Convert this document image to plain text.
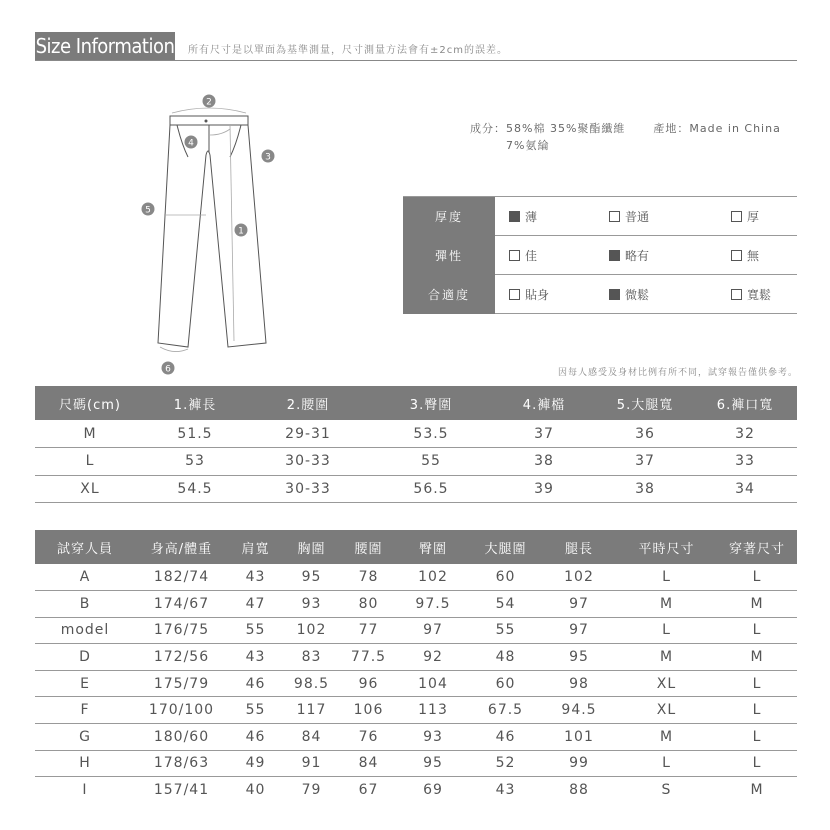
Size Information 所有尺寸是以單面為基準測量，尺寸測量方法會有±2cm的誤差。
2
4
3
5
1
6
成分：58%棉 35%聚酯纖維	產地：Made in China
7%氨綸
厚度	薄	普通	厚
彈性	佳	略有	無
合適度	貼身	微鬆	寬鬆
因每人感受及身材比例有所不同，試穿報告僅供參考。
尺碼(cm)	1.褲長	2.腰圍	3.臀圍	4.褲檔	5.大腿寬	6.褲口寬
M	51.5	29-31	53.5	37	36	32
L	53	30-33	55	38	37	33
XL	54.5	30-33	56.5	39	38	34
試穿人員	身高/體重	肩寬	胸圍	腰圍	臀圍	大腿圍	腿長	平時尺寸	穿著尺寸
A	182/74	43	95	78	102	60	102	L	L
B	174/67	47	93	80	97.5	54	97	M	M
model	176/75	55	102	77	97	55	97	L	L
D	172/56	43	83	77.5	92	48	95	M	M
E	175/79	46	98.5	96	104	60	98	XL	L
F	170/100	55	117	106	113	67.5	94.5	XL	L
G	180/60	46	84	76	93	46	101	M	L
H	178/63	49	91	84	95	52	99	L	L
I	157/41	40	79	67	69	43	88	S	M
